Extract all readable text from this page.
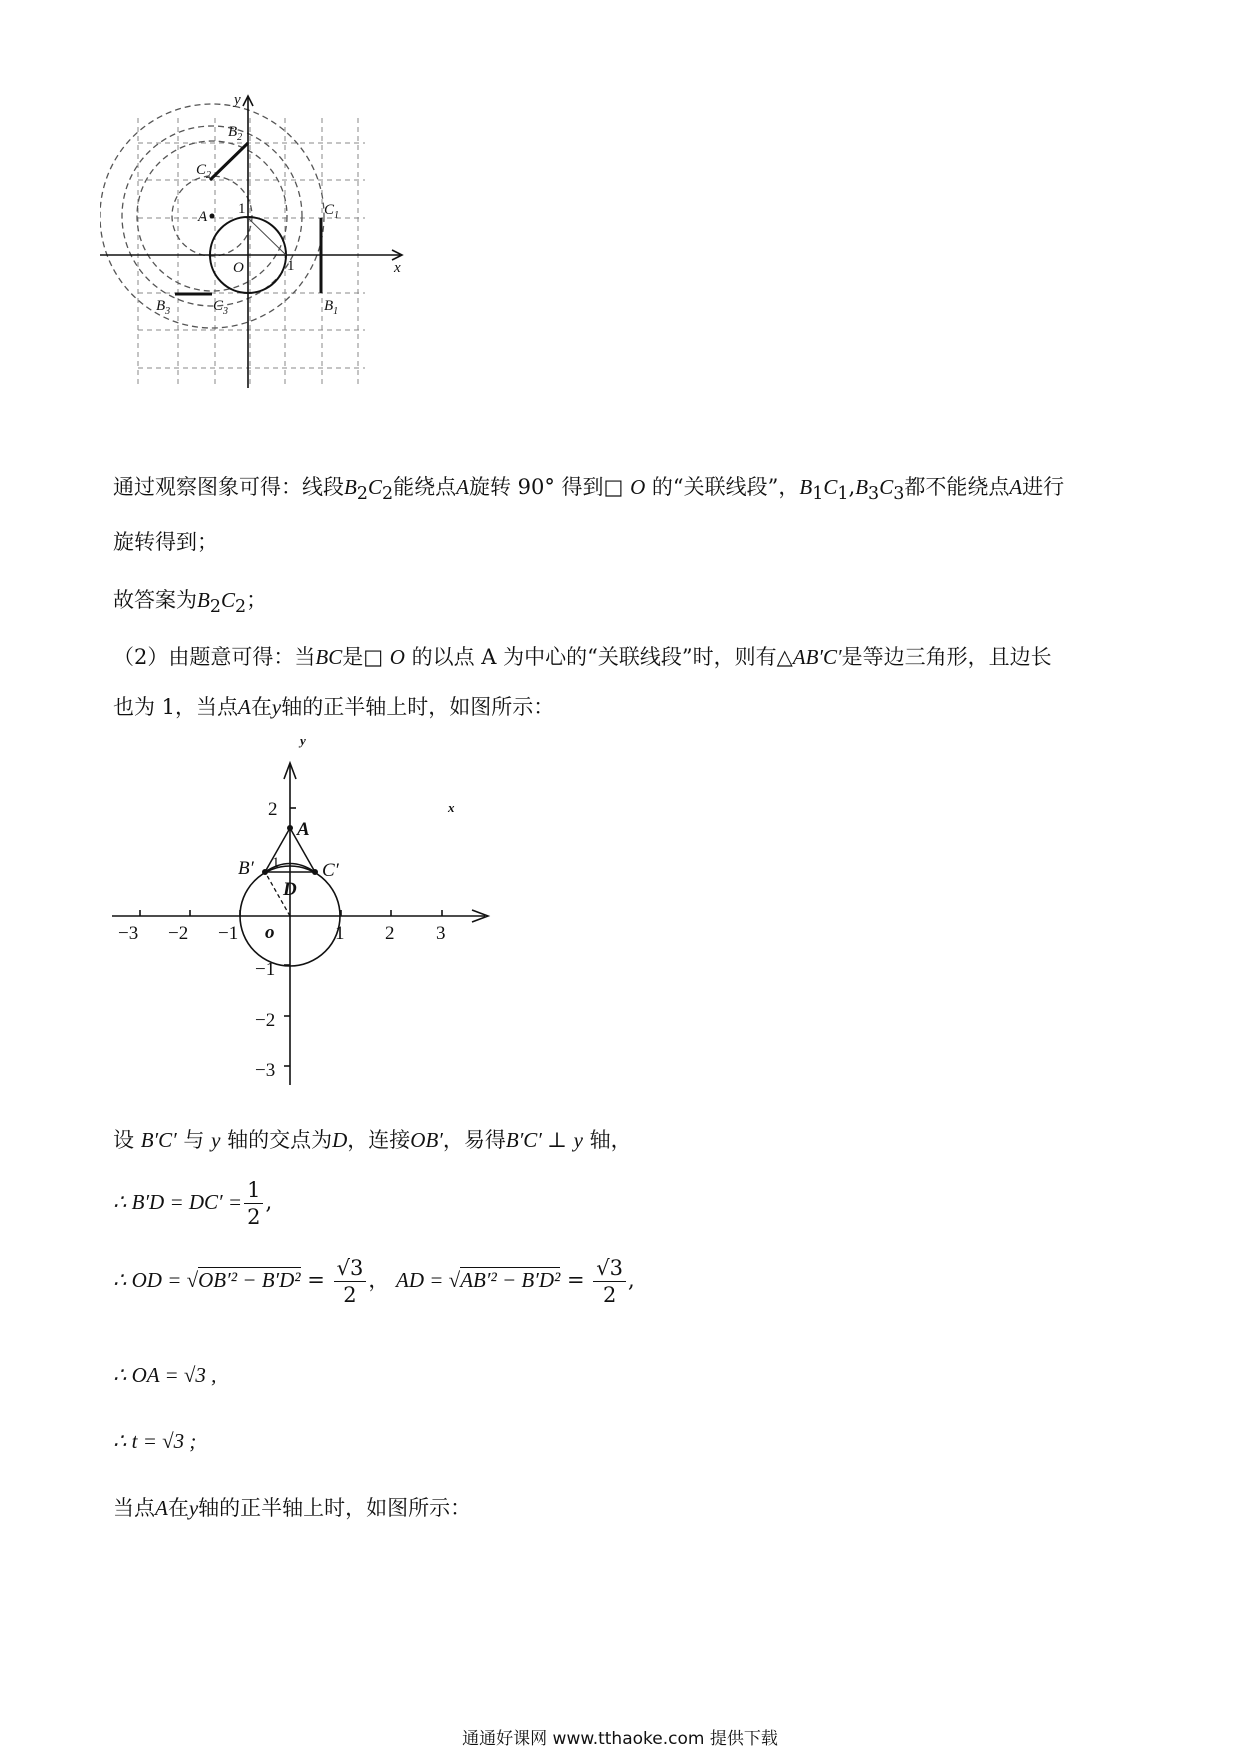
y
x
$B_2$
$C_2$
A 1
1
O
$C_1$
$B_1$
$B_3$	$C_3$
通过观察图象可得：线段$B_2C_2$能绕点A旋转 90° 得到□ O 的“关联线段”，$B_1C_1,B_3C_3$都不能绕点A进行
旋转得到；
故答案为$B_2C_2$；
（2）由题意可得：当BC是□ O 的以点 A 为中心的“关联线段”时，则有△AB′C′是等边三角形，且边长
也为 1，当点A在y轴的正半轴上时，如图所示：
y
x
A
B′	C′
D
o
2
1
−1
−2
−3
−3 −2 −1	1 2 3
设 B′C′ 与 y 轴的交点为D，连接OB′，易得B′C′ ⊥ y 轴，
∴ $B'D = DC' = \frac{1}{2}$ ,
∴ OD = $√OB'^2 - B'D^2 = \frac{√3}{2}$ ， AD = $√AB'^2 - B'D^2 = \frac{√3}{2}$ ,
∴ OA = √3 ,
∴ t = √3 ;
当点A在y轴的正半轴上时，如图所示：
通通好课网 www.tthaoke.com 提供下载
